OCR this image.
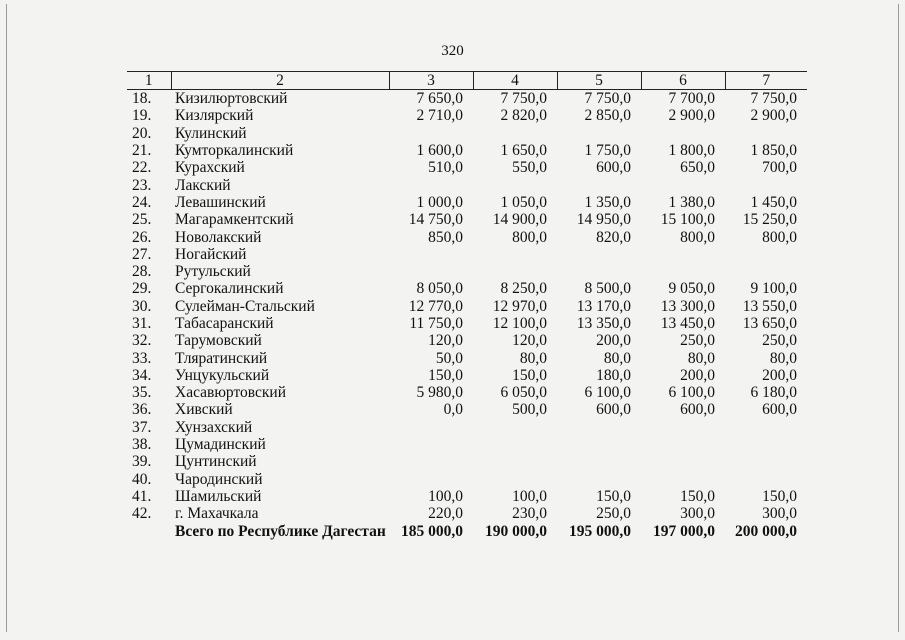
320
1	2	3	4	5	6	7
18.	Кизилюртовский	7 650,0	7 750,0	7 750,0	7 700,0	7 750,0
19.	Кизлярский	2 710,0	2 820,0	2 850,0	2 900,0	2 900,0
20.	Кулинский					
21.	Кумторкалинский	1 600,0	1 650,0	1 750,0	1 800,0	1 850,0
22.	Курахский	510,0	550,0	600,0	650,0	700,0
23.	Лакский					
24.	Левашинский	1 000,0	1 050,0	1 350,0	1 380,0	1 450,0
25.	Магарамкентский	14 750,0	14 900,0	14 950,0	15 100,0	15 250,0
26.	Новолакский	850,0	800,0	820,0	800,0	800,0
27.	Ногайский					
28.	Рутульский					
29.	Сергокалинский	8 050,0	8 250,0	8 500,0	9 050,0	9 100,0
30.	Сулейман-Стальский	12 770,0	12 970,0	13 170,0	13 300,0	13 550,0
31.	Табасаранский	11 750,0	12 100,0	13 350,0	13 450,0	13 650,0
32.	Тарумовский	120,0	120,0	200,0	250,0	250,0
33.	Тляратинский	50,0	80,0	80,0	80,0	80,0
34.	Унцукульский	150,0	150,0	180,0	200,0	200,0
35.	Хасавюртовский	5 980,0	6 050,0	6 100,0	6 100,0	6 180,0
36.	Хивский	0,0	500,0	600,0	600,0	600,0
37.	Хунзахский					
38.	Цумадинский					
39.	Цунтинский					
40.	Чародинский					
41.	Шамильский	100,0	100,0	150,0	150,0	150,0
42.	г. Махачкала	220,0	230,0	250,0	300,0	300,0
	Всего по Республике Дагестан	185 000,0	190 000,0	195 000,0	197 000,0	200 000,0
